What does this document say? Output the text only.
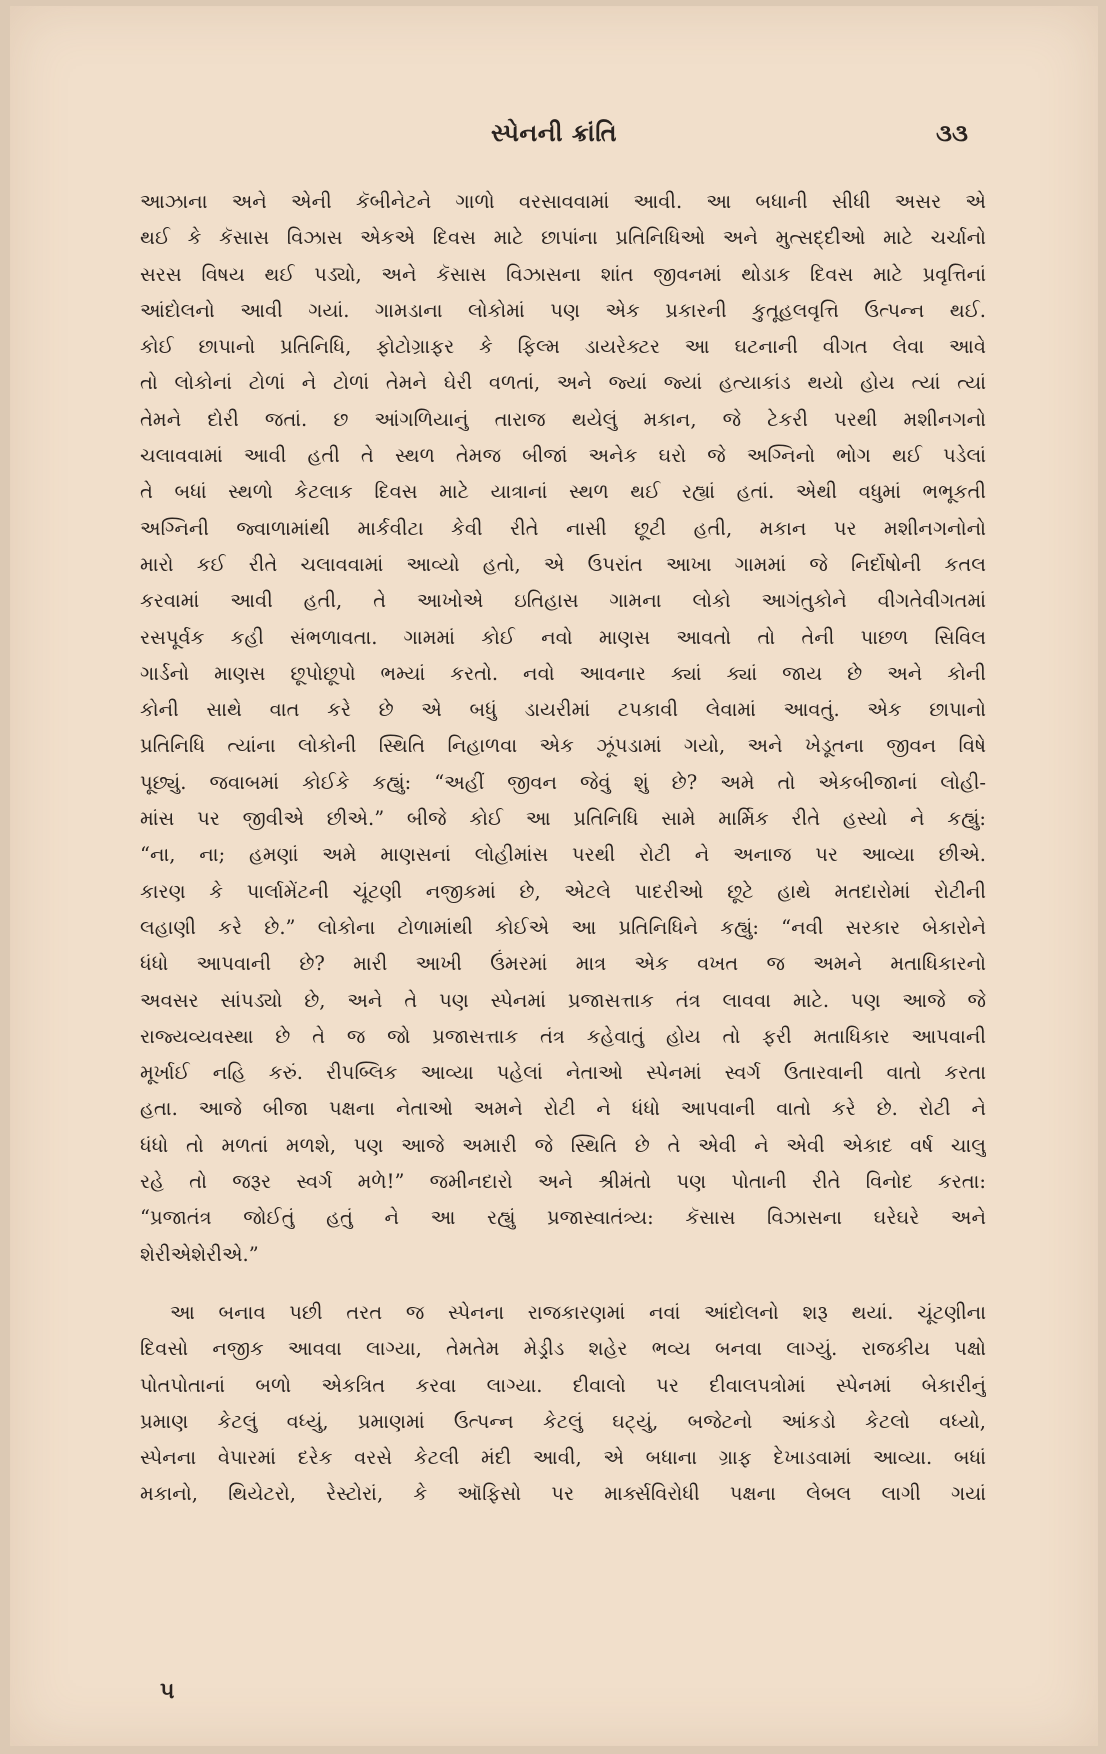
સ્પેનની ક્રાંતિ	૩૩
આઝાના અને એની કૅબીનેટને ગાળો વરસાવવામાં આવી. આ બધાની સીધી અસર એ
થઈ કે કૅસાસ વિઝાસ એકએ દિવસ માટે છાપાંના પ્રતિનિધિઓ અને મુત્સદ્દીઓ માટે ચર્ચાનો
સરસ વિષય થઈ પડ્યો, અને કૅસાસ વિઝાસના શાંત જીવનમાં થોડાક દિવસ માટે પ્રવૃત્તિનાં
આંદોલનો આવી ગયાં. ગામડાના લોકોમાં પણ એક પ્રકારની કુતૂહલવૃત્તિ ઉત્પન્ન થઈ.
કોઈ છાપાનો પ્રતિનિધિ, ફોટોગ્રાફર કે ફિલ્મ ડાયરેક્ટર આ ઘટનાની વીગત લેવા આવે
તો લોકોનાં ટોળાં ને ટોળાં તેમને ઘેરી વળતાં, અને જ્યાં જ્યાં હત્યાકાંડ થયો હોય ત્યાં ત્યાં
તેમને દોરી જતાં. છ આંગળિયાનું તારાજ થયેલું મકાન, જે ટેકરી પરથી મશીનગનો
ચલાવવામાં આવી હતી તે સ્થળ તેમજ બીજાં અનેક ઘરો જે અગ્નિનો ભોગ થઈ પડેલાં
તે બધાં સ્થળો કેટલાક દિવસ માટે યાત્રાનાં સ્થળ થઈ રહ્યાં હતાં. એથી વધુમાં ભભૂકતી
અગ્નિની જ્વાળામાંથી માર્કવીટા કેવી રીતે નાસી છૂટી હતી, મકાન પર મશીનગનોનો
મારો કઈ રીતે ચલાવવામાં આવ્યો હતો, એ ઉપરાંત આખા ગામમાં જે નિર્દોષોની કતલ
કરવામાં આવી હતી, તે આખોએ ઇતિહાસ ગામના લોકો આગંતુકોને વીગતેવીગતમાં
રસપૂર્વક કહી સંભળાવતા. ગામમાં કોઈ નવો માણસ આવતો તો તેની પાછળ સિવિલ
ગાર્ડનો માણસ છૂપોછૂપો ભમ્યાં કરતો. નવો આવનાર ક્યાં ક્યાં જાય છે અને કોની
કોની સાથે વાત કરે છે એ બધું ડાયરીમાં ટપકાવી લેવામાં આવતું. એક છાપાનો
પ્રતિનિધિ ત્યાંના લોકોની સ્થિતિ નિહાળવા એક ઝૂંપડામાં ગયો, અને ખેડૂતના જીવન વિષે
પૂછ્યું. જવાબમાં કોઈકે કહ્યું: “અહીં જીવન જેવું શું છે? અમે તો એકબીજાનાં લોહી-
માંસ પર જીવીએ છીએ.” બીજે કોઈ આ પ્રતિનિધિ સામે માર્મિક રીતે હસ્યો ને કહ્યું:
“ના, ના; હમણાં અમે માણસનાં લોહીમાંસ પરથી રોટી ને અનાજ પર આવ્યા છીએ.
કારણ કે પાર્લામેંટની ચૂંટણી નજીકમાં છે, એટલે પાદરીઓ છૂટે હાથે મતદારોમાં રોટીની
લહાણી કરે છે.” લોકોના ટોળામાંથી કોઈએ આ પ્રતિનિધિને કહ્યું: “નવી સરકાર બેકારોને
ધંધો આપવાની છે? મારી આખી ઉંમરમાં માત્ર એક વખત જ અમને મતાધિકારનો
અવસર સાંપડ્યો છે, અને તે પણ સ્પેનમાં પ્રજાસત્તાક તંત્ર લાવવા માટે. પણ આજે જે
રાજ્યવ્યવસ્થા છે તે જ જો પ્રજાસત્તાક તંત્ર કહેવાતું હોય તો ફરી મતાધિકાર આપવાની
મૂર્ખાઈ નહિ કરું. રીપબ્લિક આવ્યા પહેલાં નેતાઓ સ્પેનમાં સ્વર્ગ ઉતારવાની વાતો કરતા
હતા. આજે બીજા પક્ષના નેતાઓ અમને રોટી ને ધંધો આપવાની વાતો કરે છે. રોટી ને
ધંધો તો મળતાં મળશે, પણ આજે અમારી જે સ્થિતિ છે તે એવી ને એવી એકાદ વર્ષ ચાલુ
રહે તો જરૂર સ્વર્ગ મળે!” જમીનદારો અને શ્રીમંતો પણ પોતાની રીતે વિનોદ કરતા:
“પ્રજાતંત્ર જોઈતું હતું ને આ રહ્યું પ્રજાસ્વાતંત્ર્ય: કૅસાસ વિઝાસના ઘરેઘરે અને
શેરીએશેરીએ.”
આ બનાવ પછી તરત જ સ્પેનના રાજકારણમાં નવાં આંદોલનો શરૂ થયાં. ચૂંટણીના
દિવસો નજીક આવવા લાગ્યા, તેમતેમ મેડ્રીડ શહેર ભવ્ય બનવા લાગ્યું. રાજકીય પક્ષો
પોતપોતાનાં બળો એકત્રિત કરવા લાગ્યા. દીવાલો પર દીવાલપત્રોમાં સ્પેનમાં બેકારીનું
પ્રમાણ કેટલું વધ્યું, પ્રમાણમાં ઉત્પન્ન કેટલું ઘટ્યું, બજેટનો આંકડો કેટલો વધ્યો,
સ્પેનના વેપારમાં દરેક વરસે કેટલી મંદી આવી, એ બધાના ગ્રાફ દેખાડવામાં આવ્યા. બધાં
મકાનો, થિયેટરો, રેસ્ટોરાં, કે ઑફિસો પર માર્ક્સવિરોધી પક્ષના લેબલ લાગી ગયાં
૫
